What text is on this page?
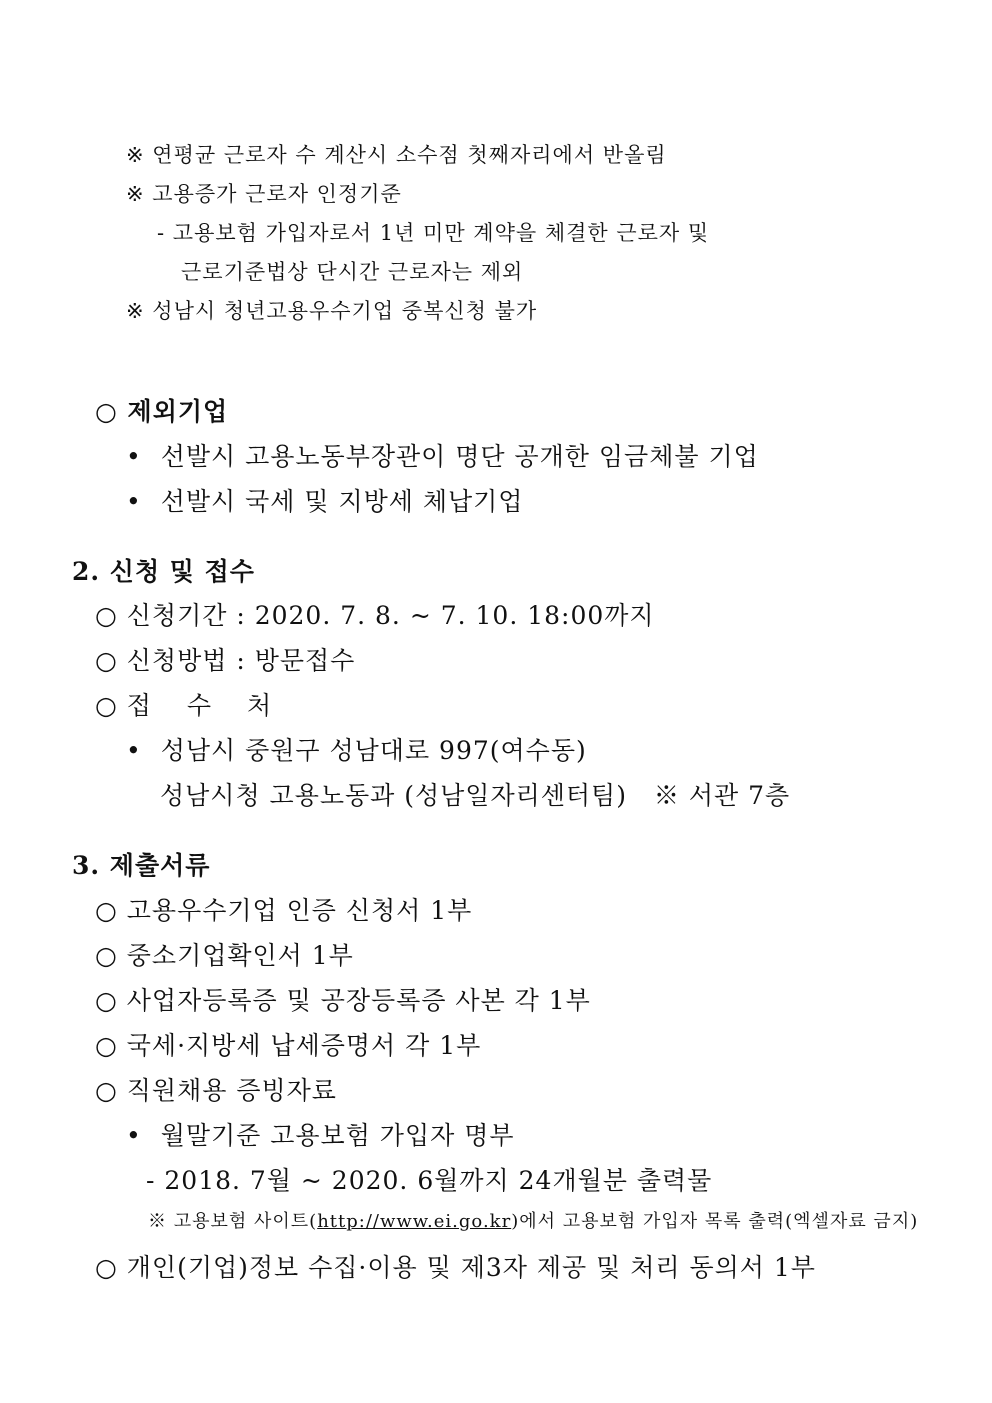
※ 연평균 근로자 수 계산시 소수점 첫째자리에서 반올림
※ 고용증가 근로자 인정기준
- 고용보험 가입자로서 1년 미만 계약을 체결한 근로자 및
근로기준법상 단시간 근로자는 제외
※ 성남시 청년고용우수기업 중복신청 불가
○ 제외기업
• 선발시 고용노동부장관이 명단 공개한 임금체불 기업
• 선발시 국세 및 지방세 체납기업
2. 신청 및 접수
○ 신청기간 : 2020. 7. 8. ~ 7. 10. 18:00까지
○ 신청방법 : 방문접수
○ 접 수 처
• 성남시 중원구 성남대로 997(여수동)
성남시청 고용노동과 (성남일자리센터팀) ※ 서관 7층
3. 제출서류
○ 고용우수기업 인증 신청서 1부
○ 중소기업확인서 1부
○ 사업자등록증 및 공장등록증 사본 각 1부
○ 국세·지방세 납세증명서 각 1부
○ 직원채용 증빙자료
• 월말기준 고용보험 가입자 명부
- 2018. 7월 ~ 2020. 6월까지 24개월분 출력물
※ 고용보험 사이트(http://www.ei.go.kr)에서 고용보험 가입자 목록 출력(엑셀자료 금지)
○ 개인(기업)정보 수집·이용 및 제3자 제공 및 처리 동의서 1부
